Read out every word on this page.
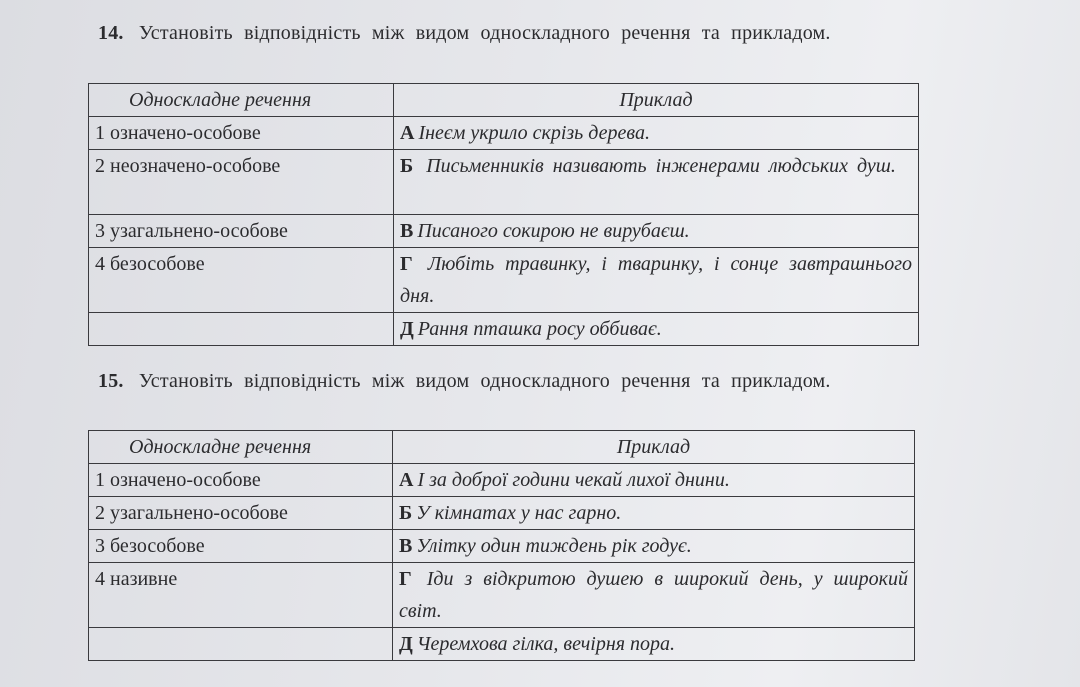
14. Установіть відповідність між видом односкладного речення та прикладом.
Односкладне речення	Приклад
1 означено-особове	А Інеєм укрило скрізь дерева.
2 неозначено-особове	Б Письменників називають інженерами людських душ.
3 узагальнено-особове	В Писаного сокирою не вирубаєш.
4 безособове	Г Любіть травинку, і тваринку, і сонце завтрашнього дня.
	Д Рання пташка росу оббиває.
15. Установіть відповідність між видом односкладного речення та прикладом.
Односкладне речення	Приклад
1 означено-особове	А І за доброї години чекай лихої днини.
2 узагальнено-особове	Б У кімнатах у нас гарно.
3 безособове	В Улітку один тиждень рік годує.
4 називне	Г Іди з відкритою душею в широкий день, у широкий світ.
	Д Черемхова гілка, вечірня пора.
